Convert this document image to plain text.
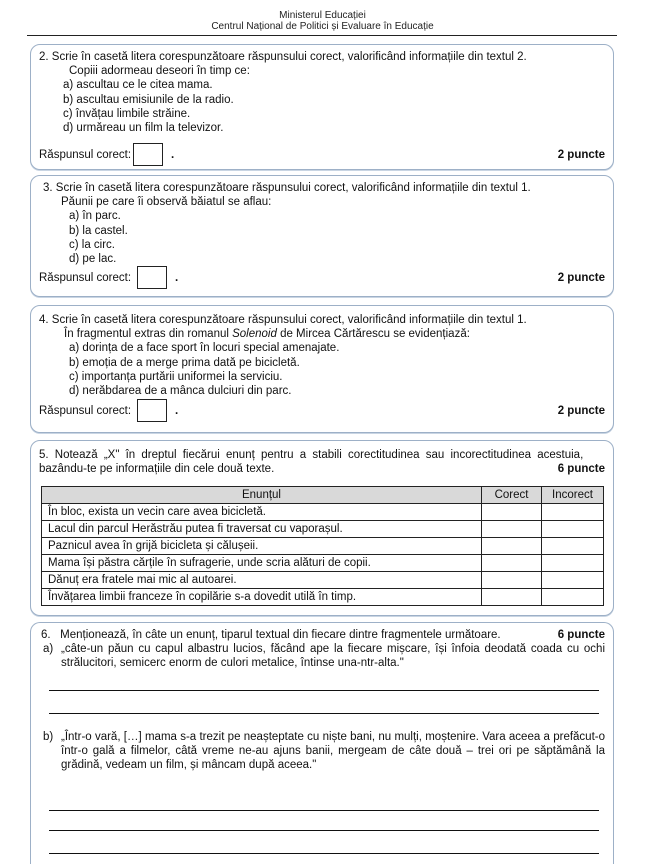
Ministerul Educației
Centrul Național de Politici și Evaluare în Educație
2. Scrie în casetă litera corespunzătoare răspunsului corect, valorificând informațiile din textul 2.
Copiii adormeau deseori în timp ce:
a) ascultau ce le citea mama.
b) ascultau emisiunile de la radio.
c) învățau limbile străine.
d) urmăreau un film la televizor.
Răspunsul corect:	.	2 puncte
3. Scrie în casetă litera corespunzătoare răspunsului corect, valorificând informațiile din textul 1.
Păunii pe care îi observă băiatul se aflau:
a) în parc.
b) la castel.
c) la circ.
d) pe lac.
Răspunsul corect:	.	2 puncte
4. Scrie în casetă litera corespunzătoare răspunsului corect, valorificând informațiile din textul 1.
În fragmentul extras din romanul Solenoid de Mircea Cărtărescu se evidențiază:
a) dorința de a face sport în locuri special amenajate.
b) emoția de a merge prima dată pe bicicletă.
c) importanța purtării uniformei la serviciu.
d) nerăbdarea de a mânca dulciuri din parc.
Răspunsul corect:	.	2 puncte
5. Notează „X" în dreptul fiecărui enunț pentru a stabili corectitudinea sau incorectitudinea acestuia,
bazându-te pe informațiile din cele două texte.	6 puncte
Enunțul	Corect	Incorect
În bloc, exista un vecin care avea bicicletă.		
Lacul din parcul Herăstrău putea fi traversat cu vaporașul.		
Paznicul avea în grijă bicicleta și călușeii.		
Mama își păstra cărțile în sufragerie, unde scria alături de copii.		
Dănuț era fratele mai mic al autoarei.		
Învățarea limbii franceze în copilărie s-a dovedit utilă în timp.		
6.   Menționează, în câte un enunț, tiparul textual din fiecare dintre fragmentele următoare.	6 puncte
a) „câte-un păun cu capul albastru lucios, făcând ape la fiecare mișcare, își înfoia deodată coada cu ochi strălucitori, semicerc enorm de culori metalice, întinse una-ntr-alta."
b) „Într-o vară, […] mama s-a trezit pe neașteptate cu niște bani, nu mulți, moștenire. Vara aceea a prefăcut-o într-o gală a filmelor, câtă vreme ne-au ajuns banii, mergeam de câte două – trei ori pe săptămână la grădină, vedeam un film, și mâncam după aceea."
